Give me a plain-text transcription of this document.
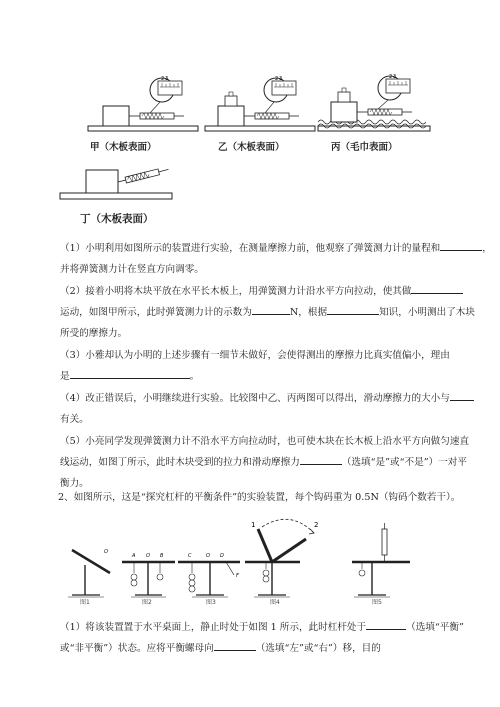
甲（木板表面）	乙（木板表面）	丙（毛巾表面）
丁（木板表面）
（1）小明利用如图所示的装置进行实验，在测量摩擦力前，他观察了弹簧测力计的量程和	，
并将弹簧测力计在竖直方向调零。
（2）接着小明将木块平放在水平长木板上，用弹簧测力计沿水平方向拉动，使其做
运动，如图甲所示，此时弹簧测力计的示数为	N，根据	知识，小明测出了木块
所受的摩擦力。
（3）小雅却认为小明的上述步骤有一细节未做好，会使得测出的摩擦力比真实值偏小，理由
是	。
（4）改正错误后，小明继续进行实验。比较图中乙、丙两图可以得出，滑动摩擦力的大小与
有关。
（5）小亮同学发现弹簧测力计不沿水平方向拉动时，也可使木块在长木板上沿水平方向做匀速直
线运动，如图丁所示，此时木块受到的拉力和滑动摩擦力	（选填“是”或“不是”）一对平
衡力。
2、如图所示，这是“探究杠杆的平衡条件”的实验装置，每个钩码重为 0.5N（钩码个数若干）。
O
A O B	C	O D
F
1	2
图1	图2	图3	图4	图5
（1）将该装置置于水平桌面上，静止时处于如图 1 所示，此时杠杆处于	（选填“平衡”
或“非平衡”）状态。应将平衡螺母向	（选填“左”或“右”）移，目的
